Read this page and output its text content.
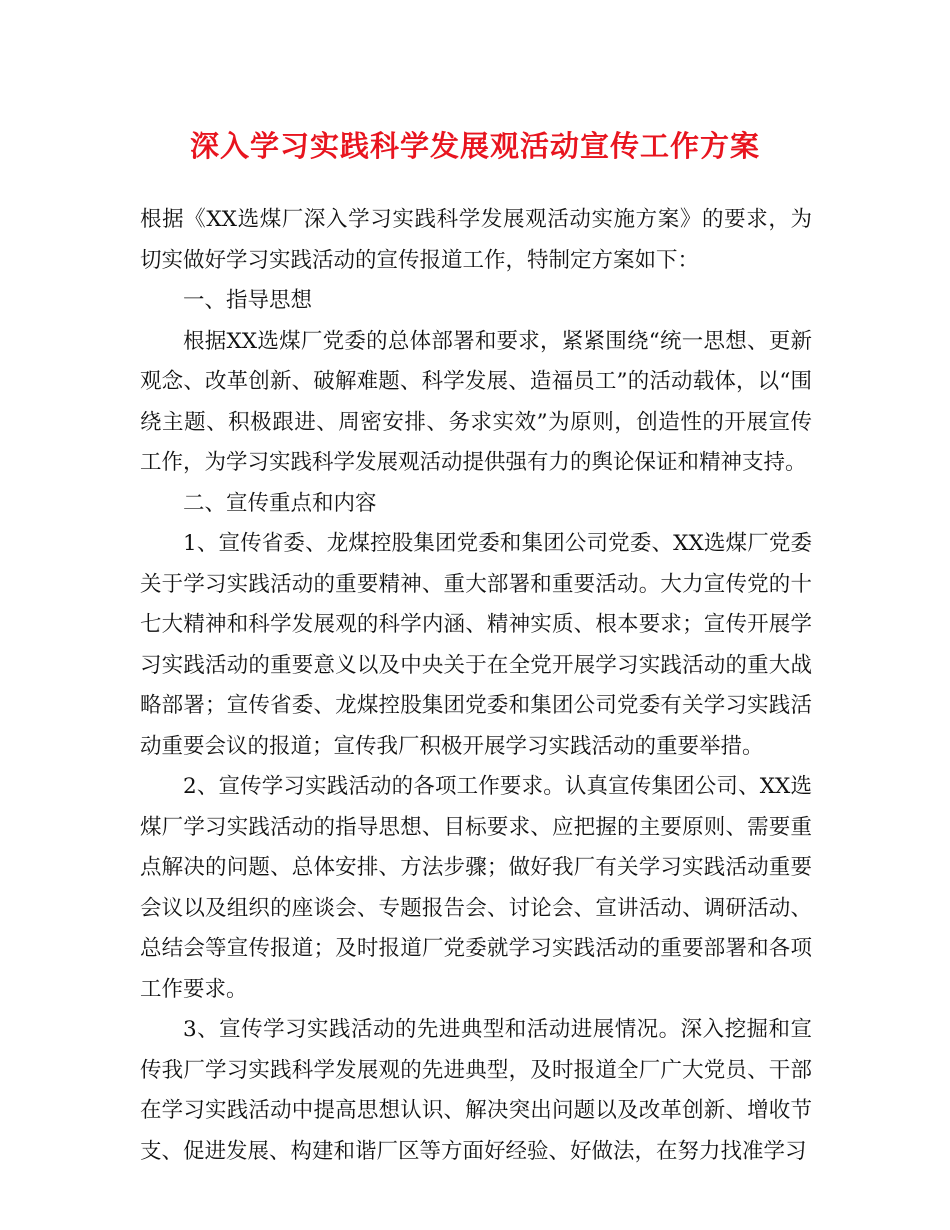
深入学习实践科学发展观活动宣传工作方案

根据《XX选煤厂深入学习实践科学发展观活动实施方案》的要求，为切实做好学习实践活动的宣传报道工作，特制定方案如下：

一、指导思想

根据XX选煤厂党委的总体部署和要求，紧紧围绕“统一思想、更新观念、改革创新、破解难题、科学发展、造福员工”的活动载体，以“围绕主题、积极跟进、周密安排、务求实效”为原则，创造性的开展宣传工作，为学习实践科学发展观活动提供强有力的舆论保证和精神支持。

二、宣传重点和内容

1、宣传省委、龙煤控股集团党委和集团公司党委、XX选煤厂党委关于学习实践活动的重要精神、重大部署和重要活动。大力宣传党的十七大精神和科学发展观的科学内涵、精神实质、根本要求；宣传开展学习实践活动的重要意义以及中央关于在全党开展学习实践活动的重大战略部署；宣传省委、龙煤控股集团党委和集团公司党委有关学习实践活动重要会议的报道；宣传我厂积极开展学习实践活动的重要举措。

2、宣传学习实践活动的各项工作要求。认真宣传集团公司、XX选煤厂学习实践活动的指导思想、目标要求、应把握的主要原则、需要重点解决的问题、总体安排、方法步骤；做好我厂有关学习实践活动重要会议以及组织的座谈会、专题报告会、讨论会、宣讲活动、调研活动、总结会等宣传报道；及时报道厂党委就学习实践活动的重要部署和各项工作要求。

3、宣传学习实践活动的先进典型和活动进展情况。深入挖掘和宣传我厂学习实践科学发展观的先进典型，及时报道全厂广大党员、干部在学习实践活动中提高思想认识、解决突出问题以及改革创新、增收节支、促进发展、构建和谐厂区等方面好经验、好做法，在努力找准学习
